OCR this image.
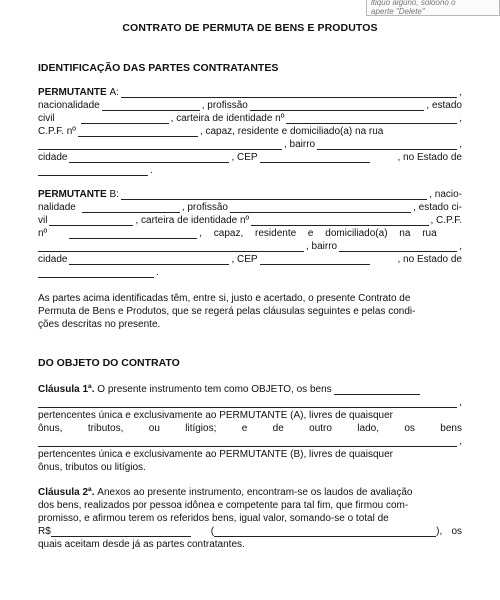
ltiquo alguno, soloono o
aperte "Delete"
CONTRATO DE PERMUTA DE BENS E PRODUTOS
IDENTIFICAÇÃO DAS PARTES CONTRATANTES
PERMUTANTE
A:	,
nacionalidade	, profissão	, estado
civil	, carteira de identidade nº	,
C.P.F. nº	, capaz, residente e domiciliado(a) na rua
, bairro	,
cidade	, CEP	, no Estado de
.
PERMUTANTE
B:	, nacio-
nalidade	, profissão	, estado ci-
vil	, carteira de identidade nº	, C.P.F.
nº	, capaz, residente e domiciliado(a) na rua
, bairro	,
cidade	, CEP	, no Estado de
.
As partes acima identificadas têm, entre si, justo e acertado, o presente Contrato de
Permuta de Bens e Produtos, que se regerá pelas cláusulas seguintes e pelas condi-
ções descritas no presente.
DO OBJETO DO CONTRATO
Cláusula 1ª.
O presente instrumento tem como OBJETO, os bens
,
pertencentes única e exclusivamente ao PERMUTANTE (A), livres de quaisquer
ônus,	tributos,	ou	litígios;	e	de	outro	lado,	os	bens
,
pertencentes única e exclusivamente ao PERMUTANTE (B), livres de quaisquer
ônus, tributos ou litígios.
Cláusula 2ª.
Anexos ao presente instrumento, encontram-se os laudos de avaliação
dos bens, realizados por pessoa idônea e competente para tal fim, que firmou com-
promisso, e afirmou terem os referidos bens, igual valor, somando-se o total de
R$	(	), os
quais aceitam desde já as partes contratantes.
